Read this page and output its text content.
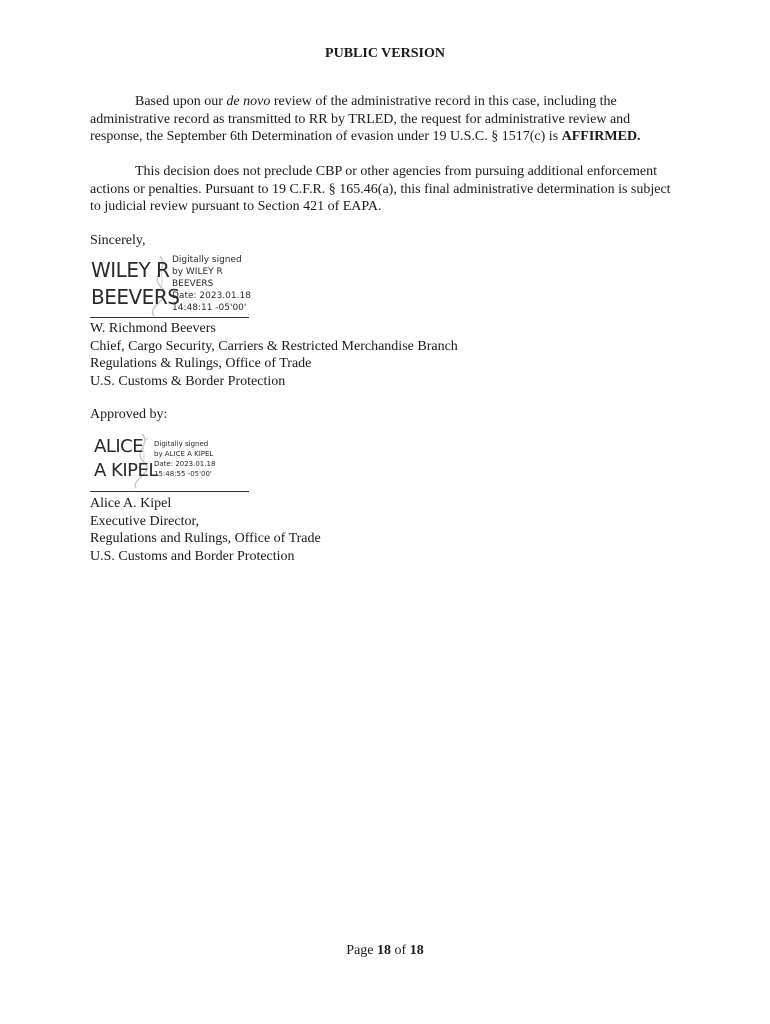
PUBLIC VERSION
Based upon our de novo review of the administrative record in this case, including the administrative record as transmitted to RR by TRLED, the request for administrative review and response, the September 6th Determination of evasion under 19 U.S.C. § 1517(c) is AFFIRMED.
This decision does not preclude CBP or other agencies from pursuing additional enforcement actions or penalties. Pursuant to 19 C.F.R. § 165.46(a), this final administrative determination is subject to judicial review pursuant to Section 421 of EAPA.
Sincerely,
WILEY R
BEEVERS
Digitally signed
by WILEY R
BEEVERS
Date: 2023.01.18
14:48:11 -05'00'
W. Richmond Beevers
Chief, Cargo Security, Carriers & Restricted Merchandise Branch
Regulations & Rulings, Office of Trade
U.S. Customs & Border Protection
Approved by:
ALICE
A KIPEL
Digitally signed
by ALICE A KIPEL
Date: 2023.01.18
15:48:55 -05'00'
Alice A. Kipel
Executive Director,
Regulations and Rulings, Office of Trade
U.S. Customs and Border Protection
Page 18 of 18
